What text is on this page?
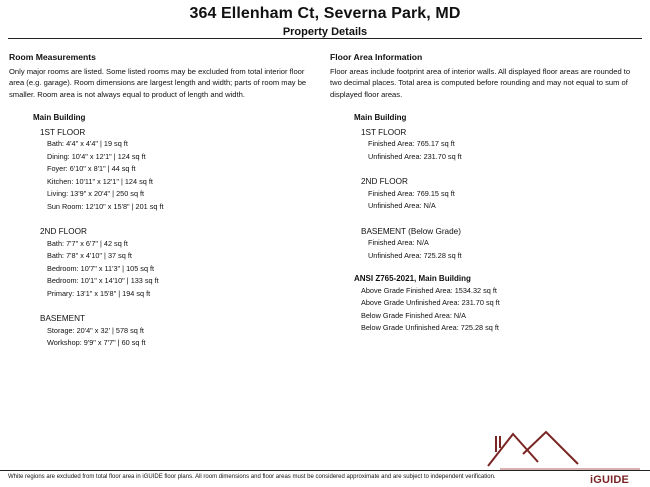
364 Ellenham Ct, Severna Park, MD
Property Details
Room Measurements

Only major rooms are listed. Some listed rooms may be excluded from total interior floor area (e.g. garage). Room dimensions are largest length and width; parts of room may be smaller. Room area is not always equal to product of length and width.

Main Building
1ST FLOOR
Bath: 4'4" x 4'4" | 19 sq ft
Dining: 10'4" x 12'1" | 124 sq ft
Foyer: 6'10" x 8'1" | 44 sq ft
Kitchen: 10'11" x 12'1" | 124 sq ft
Living: 13'9" x 20'4" | 250 sq ft
Sun Room: 12'10" x 15'8" | 201 sq ft
2ND FLOOR
Bath: 7'7" x 6'7" | 42 sq ft
Bath: 7'8" x 4'10" | 37 sq ft
Bedroom: 10'7" x 11'3" | 105 sq ft
Bedroom: 10'1" x 14'10" | 133 sq ft
Primary: 13'1" x 15'8" | 194 sq ft
BASEMENT
Storage: 20'4" x 32' | 578 sq ft
Workshop: 9'9" x 7'7" | 60 sq ft
Floor Area Information

Floor areas include footprint area of interior walls. All displayed floor areas are rounded to two decimal places. Total area is computed before rounding and may not equal to sum of displayed floor areas.

Main Building
1ST FLOOR
Finished Area: 765.17 sq ft
Unfinished Area: 231.70 sq ft
2ND FLOOR
Finished Area: 769.15 sq ft
Unfinished Area: N/A
BASEMENT (Below Grade)
Finished Area: N/A
Unfinished Area: 725.28 sq ft
ANSI Z765-2021, Main Building
Above Grade Finished Area: 1534.32 sq ft
Above Grade Unfinished Area: 231.70 sq ft
Below Grade Finished Area: N/A
Below Grade Unfinished Area: 725.28 sq ft
White regions are excluded from total floor area in iGUIDE floor plans. All room dimensions and floor areas must be considered approximate and are subject to independent verification.	iGUIDE
